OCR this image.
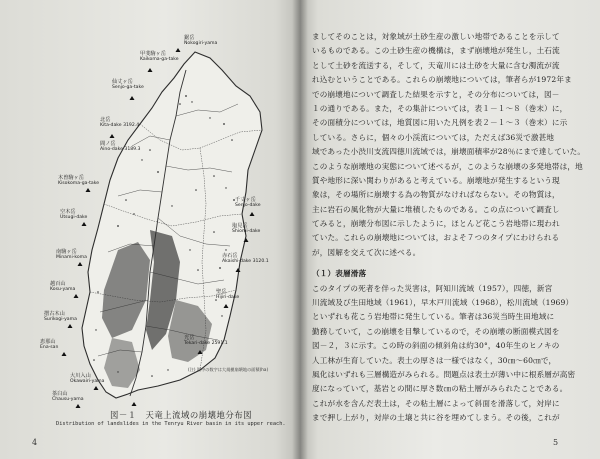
鋸岳
Nokogiri-yama
甲斐駒ヶ岳
Kaikoma-ga-take
仙丈ヶ岳
Senjo-ga-take
北岳
Kita-dake 3192.4
間ノ岳
Aino-dake 3189.3
千丈ヶ岳
Senjo-dake
塩見岳
Shiomi-dake
赤石岳
Akaishi-dake 3120.1
聖岳
Hijiri-dake
光岳
Tekari-dake 2591.1
木曽駒ヶ岳
Kisokoma-ga-take
空木岳
Utsugi-dake
南駒ヶ岳
Minami-koma
越百山
Kosu-yama
摺古木山
Surikogi-yama
恵那山
Ena-san
大川入山
Okawairi-yama
茶臼山
Chausu-yama
(注) 図中の数字は大規模崩壊地の面積(ha)
図－１　天竜上流域の崩壊地分布図
Distribution of landslides in the Tenryu River basin in its upper reach.
4	5
ましてそのことは，対象域が土砂生産の激しい地帯であることを示して
いるものである。この土砂生産の機構は，まず崩壊地が発生し，土石流
として土砂を流送する，そして，天竜川には土砂を大量に含む濁流が流
れ込むということである。これらの崩壊地については，筆者らが1972年ま
での崩壊地について調査した結果を示すと，その分布については，図－
１の通りである。また，その集計については，表１－１～８（巻末）に，
その面積分については，地質図に用いた凡例を表２－１～３（巻末）に示
している。さらに，個々の小渓流については，ただえば36災で激甚地
域であった小渋川支流四徳川流域では，崩壊面積率が28％にまで達していた。
このような崩壊地の実態について述べるが，このような崩壊の多発地帯は，地
質や地形に深い関わりがあると考えている。崩壊地が発生するという現
象は，その場所に崩壊する為の物質がなければならない。その物質は，
主に岩石の風化物が大量に堆積したものである。この点について調査し
てみると，崩壊分布図に示したように，ほとんど花こう岩地帯に現われ
ていた。これらの崩壊地については，およそ７つのタイプにわけられる
が，図解を交えて次に述べる。
（１）表層滑落
このタイプの死者を伴った災害は，阿知川流域（1957），四徳，新宮
川流域及び生田地域（1961），早木戸川流域（1968），松川流域（1969）
といずれも花こう岩地帯に発生している。筆者は36災当時生田地域に
勤務していて，この崩壊を目撃しているので，その崩壊の断面模式図を
図－２，３に示す。この時の斜面の傾斜角は約30°，40年生のヒノキの
人工林が生育していた。表土の厚さは一様ではなく，30㎝～60㎝で，
風化はいずれも三層構造がみられる。問題点は表土が薄い中に根系層が高密
度になっていて，基岩との間に厚さ数㎝の粘土層がみられたことである。
これが水を含んだ表土は，その粘土層によって斜面を滑落して，対岸に
まで押し上がり，対岸の土壌と共に谷を埋めてしまう。その後，これが
